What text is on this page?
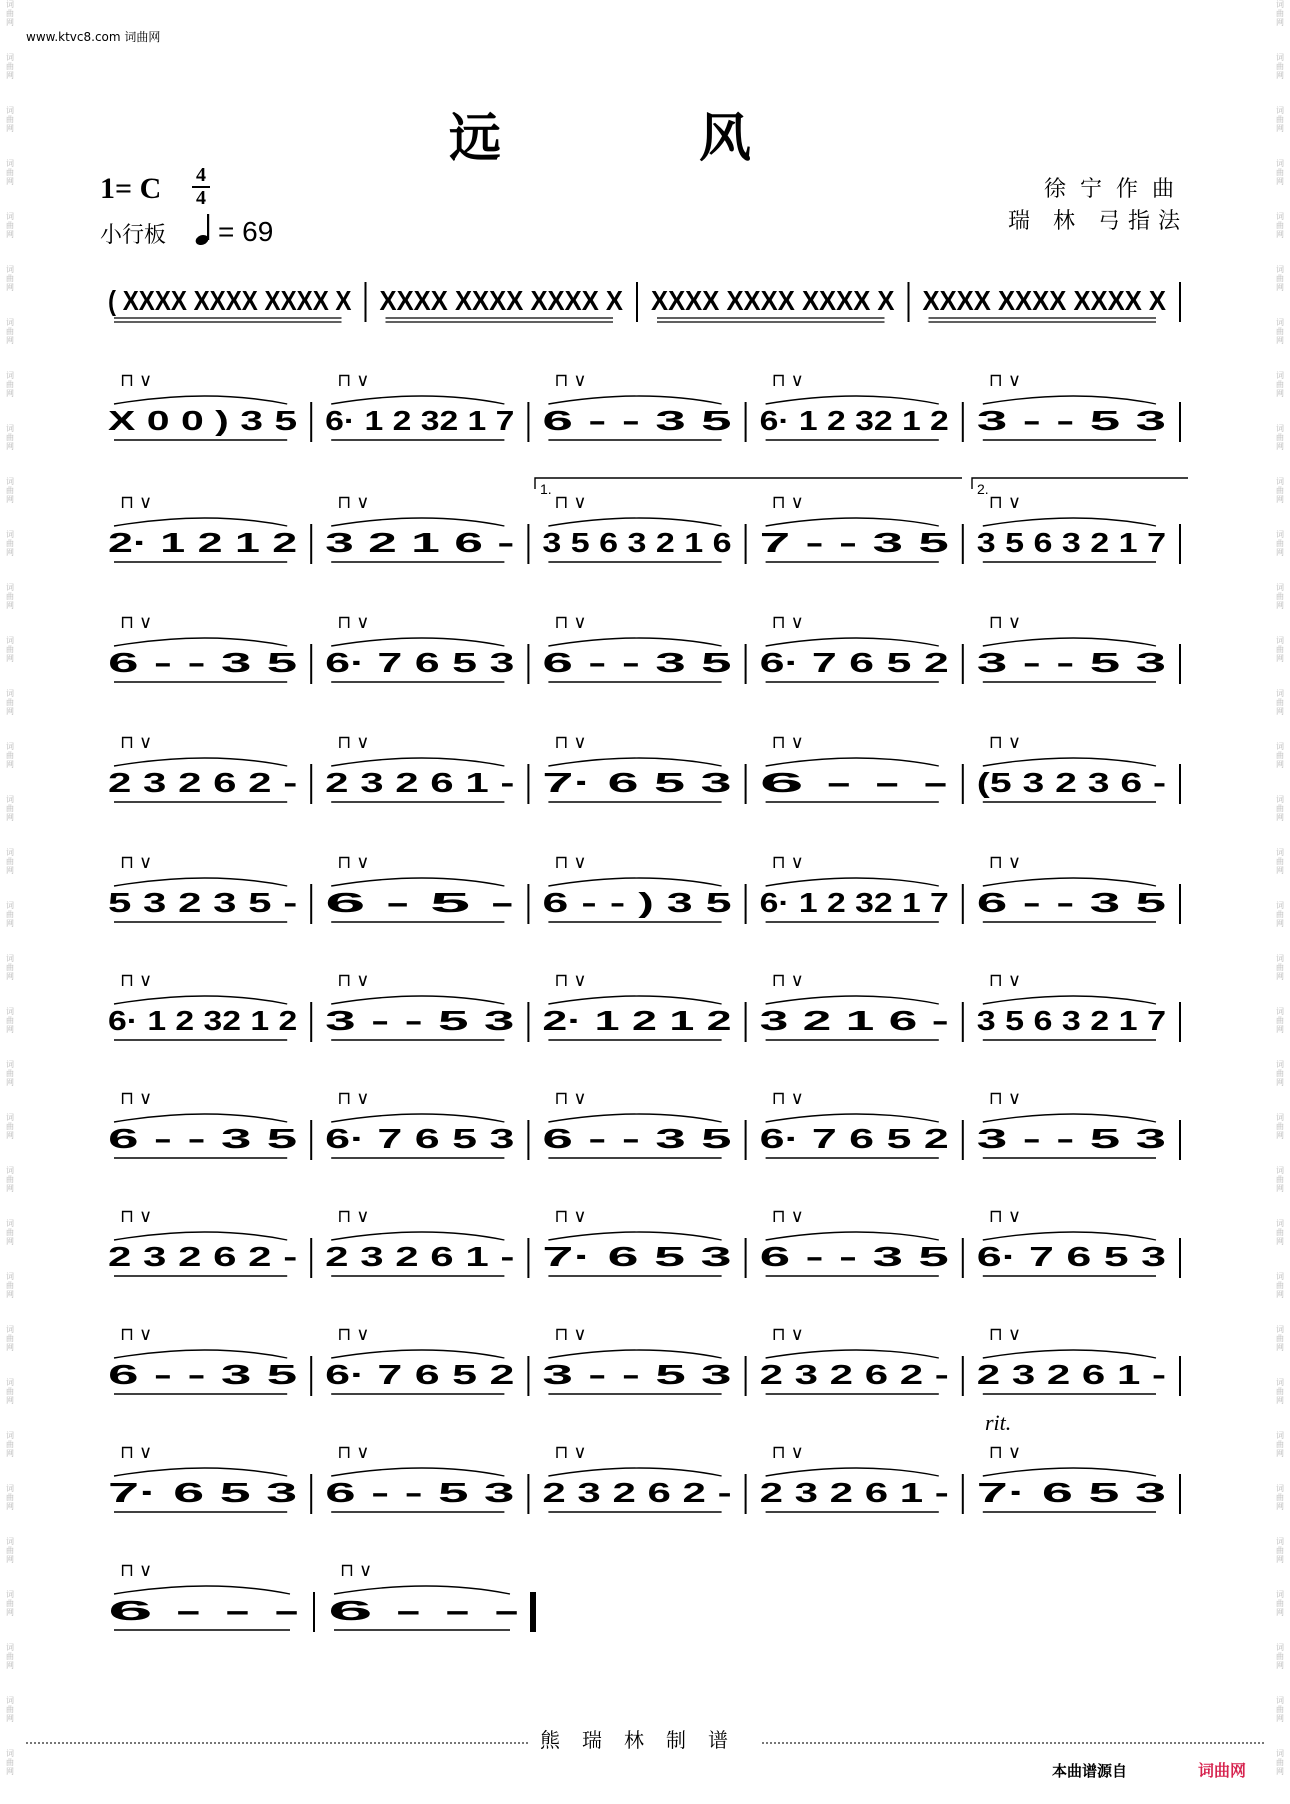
词
曲
网
词
曲
网
词
曲
网
词
曲
网
词
曲
网
词
曲
网
词
曲
网
词
曲
网
词
曲
网
词
曲
网
词
曲
网
词
曲
网
词
曲
网
词
曲
网
词
曲
网
词
曲
网
词
曲
网
词
曲
网
词
曲
网
词
曲
网
词
曲
网
词
曲
网
词
曲
网
词
曲
网
词
曲
网
词
曲
网
词
曲
网
词
曲
网
词
曲
网
词
曲
网
词
曲
网
词
曲
网
词
曲
网
词
曲
网
词
曲
网
词
曲
网
词
曲
网
词
曲
网
词
曲
网
词
曲
网
词
曲
网
词
曲
网
词
曲
网
词
曲
网
词
曲
网
词
曲
网
词
曲
网
词
曲
网
词
曲
网
词
曲
网
词
曲
网
词
曲
网
词
曲
网
词
曲
网
词
曲
网
词
曲
网
词
曲
网
词
曲
网
词
曲
网
词
曲
网
词
曲
网
词
曲
网
词
曲
网
词
曲
网
词
曲
网
词
曲
网
词
曲
网
词
曲
网
www.ktvc8.com 词曲网
远 风
1= C 4
4
小行板 = 69
徐宁作曲
瑞 林 弓指法
( XXXX XXXX XXXX X XXXX XXXX XXXX X XXXX XXXX XXXX X XXXX XXXX XXXX X
X 0 0 ) 3 5
⊓ ∨
6· 1 2 32 1 7
⊓ ∨
6 - - 3 5
⊓ ∨
6· 1 2 32 1 2
⊓ ∨
3 - - 5 3
⊓ ∨
2· 1 2 1 2
⊓ ∨
3 2 1 6 -
⊓ ∨
3 5 6 3 2 1 6
⊓ ∨
7 - - 3 5
⊓ ∨
3 5 6 3 2 1 7
⊓ ∨
6 - - 3 5
⊓ ∨
6· 7 6 5 3
⊓ ∨
6 - - 3 5
⊓ ∨
6· 7 6 5 2
⊓ ∨
3 - - 5 3
⊓ ∨
2 3 2 6 2 -
⊓ ∨
2 3 2 6 1 -
⊓ ∨
7· 6 5 3
⊓ ∨
6 - - -
⊓ ∨
(5 3 2 3 6 -
⊓ ∨
5 3 2 3 5 -
⊓ ∨
6 - 5 -
⊓ ∨
6 - - ) 3 5
⊓ ∨
6· 1 2 32 1 7
⊓ ∨
6 - - 3 5
⊓ ∨
6· 1 2 32 1 2
⊓ ∨
3 - - 5 3
⊓ ∨
2· 1 2 1 2
⊓ ∨
3 2 1 6 -
⊓ ∨
3 5 6 3 2 1 7
⊓ ∨
6 - - 3 5
⊓ ∨
6· 7 6 5 3
⊓ ∨
6 - - 3 5
⊓ ∨
6· 7 6 5 2
⊓ ∨
3 - - 5 3
⊓ ∨
2 3 2 6 2 -
⊓ ∨
2 3 2 6 1 -
⊓ ∨
7· 6 5 3
⊓ ∨
6 - - 3 5
⊓ ∨
6· 7 6 5 3
⊓ ∨
6 - - 3 5
⊓ ∨
6· 7 6 5 2
⊓ ∨
3 - - 5 3
⊓ ∨
2 3 2 6 2 -
⊓ ∨
2 3 2 6 1 -
⊓ ∨
7· 6 5 3
⊓ ∨
6 - - 5 3
⊓ ∨
2 3 2 6 2 -
⊓ ∨
2 3 2 6 1 -
⊓ ∨
7· 6 5 3
⊓ ∨
6 - - -
⊓ ∨
6 - - -
⊓ ∨
1.	2.
rit.
熊瑞林制谱
本曲谱源自	词曲网
